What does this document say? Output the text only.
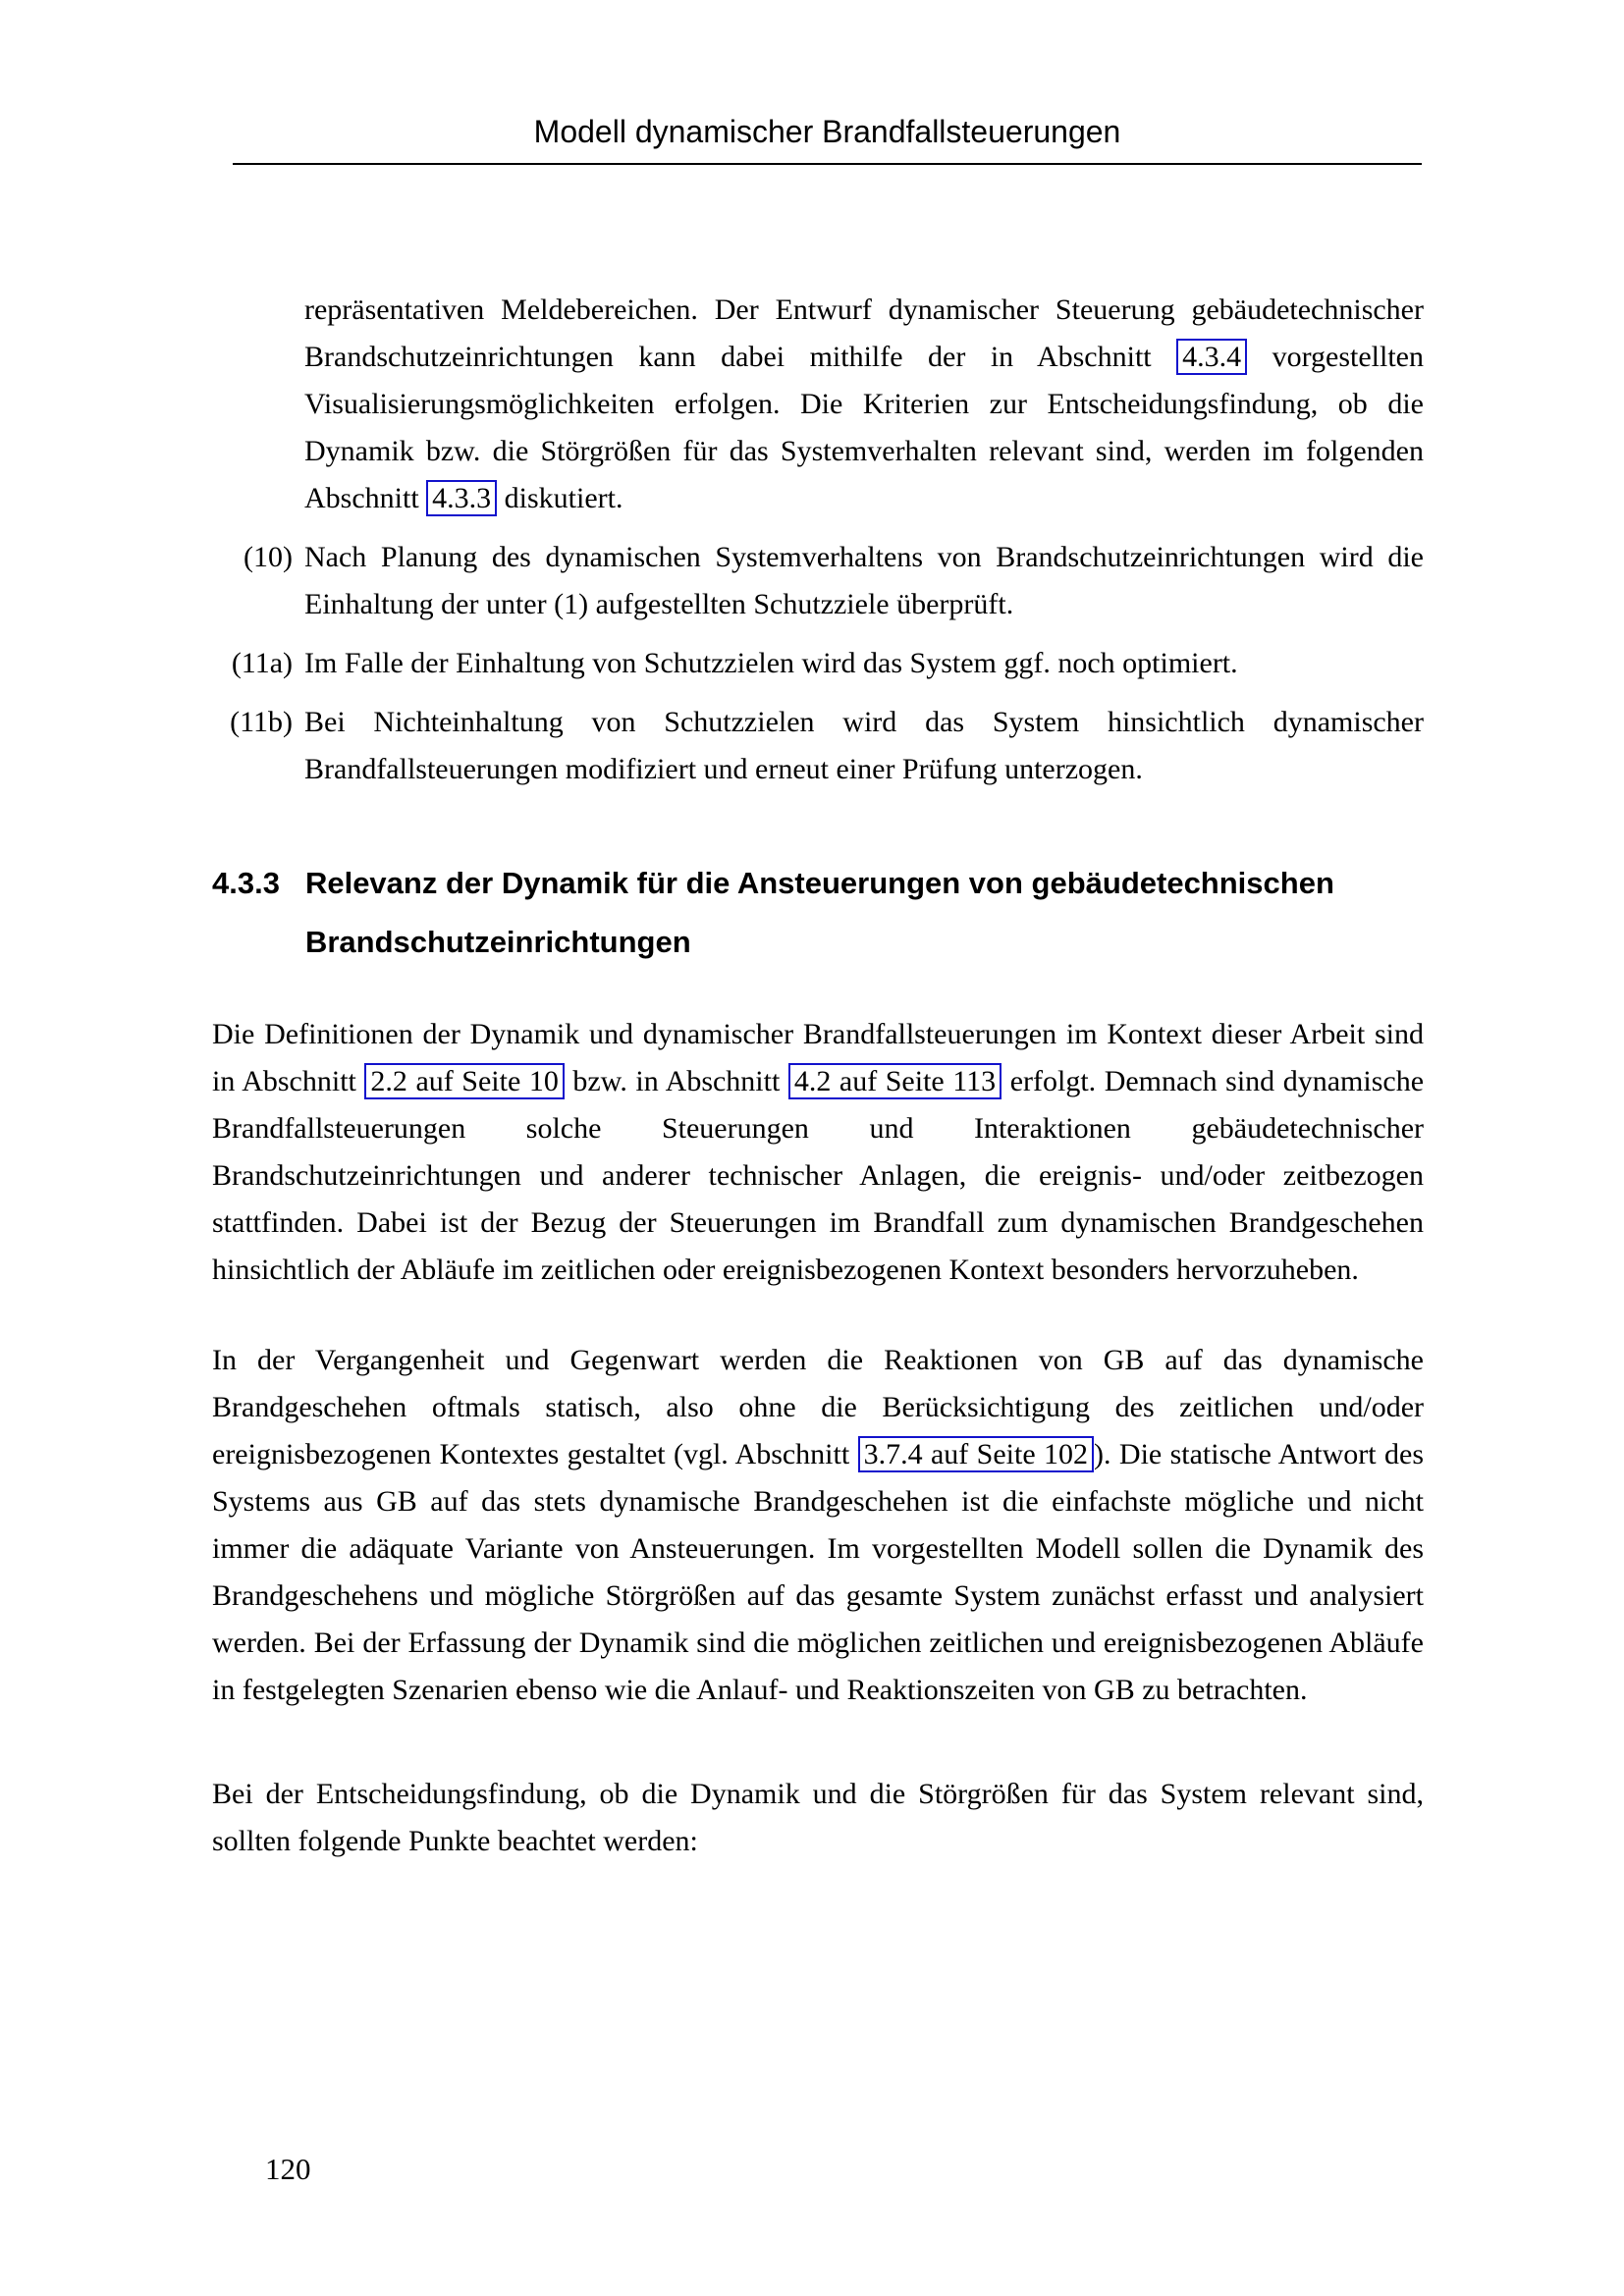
Modell dynamischer Brandfallsteuerungen

repräsentativen Meldebereichen. Der Entwurf dynamischer Steuerung gebäudetechnischer Brandschutzeinrichtungen kann dabei mithilfe der in Abschnitt 4.3.4 vorgestellten Visualisierungsmöglichkeiten erfolgen. Die Kriterien zur Entscheidungsfindung, ob die Dynamik bzw. die Störgrößen für das Systemverhalten relevant sind, werden im folgenden Abschnitt 4.3.3 diskutiert.

(10) Nach Planung des dynamischen Systemverhaltens von Brandschutzeinrichtungen wird die Einhaltung der unter (1) aufgestellten Schutzziele überprüft.
(11a) Im Falle der Einhaltung von Schutzzielen wird das System ggf. noch optimiert.
(11b) Bei Nichteinhaltung von Schutzzielen wird das System hinsichtlich dynamischer Brandfallsteuerungen modifiziert und erneut einer Prüfung unterzogen.
4.3.3 Relevanz der Dynamik für die Ansteuerungen von gebäudetechnischen Brandschutzeinrichtungen

Die Definitionen der Dynamik und dynamischer Brandfallsteuerungen im Kontext dieser Arbeit sind in Abschnitt 2.2 auf Seite 10 bzw. in Abschnitt 4.2 auf Seite 113 erfolgt. Demnach sind dynamische Brandfallsteuerungen solche Steuerungen und Interaktionen gebäudetechnischer Brandschutzeinrichtungen und anderer technischer Anlagen, die ereignis- und/oder zeitbezogen stattfinden. Dabei ist der Bezug der Steuerungen im Brandfall zum dynamischen Brandgeschehen hinsichtlich der Abläufe im zeitlichen oder ereignisbezogenen Kontext besonders hervorzuheben.

In der Vergangenheit und Gegenwart werden die Reaktionen von GB auf das dynamische Brandgeschehen oftmals statisch, also ohne die Berücksichtigung des zeitlichen und/oder ereignisbezogenen Kontextes gestaltet (vgl. Abschnitt 3.7.4 auf Seite 102 ). Die statische Antwort des Systems aus GB auf das stets dynamische Brandgeschehen ist die einfachste mögliche und nicht immer die adäquate Variante von Ansteuerungen. Im vorgestellten Modell sollen die Dynamik des Brandgeschehens und mögliche Störgrößen auf das gesamte System zunächst erfasst und analysiert werden. Bei der Erfassung der Dynamik sind die möglichen zeitlichen und ereignisbezogenen Abläufe in festgelegten Szenarien ebenso wie die Anlauf- und Reaktionszeiten von GB zu betrachten.

Bei der Entscheidungsfindung, ob die Dynamik und die Störgrößen für das System relevant sind, sollten folgende Punkte beachtet werden:

120
